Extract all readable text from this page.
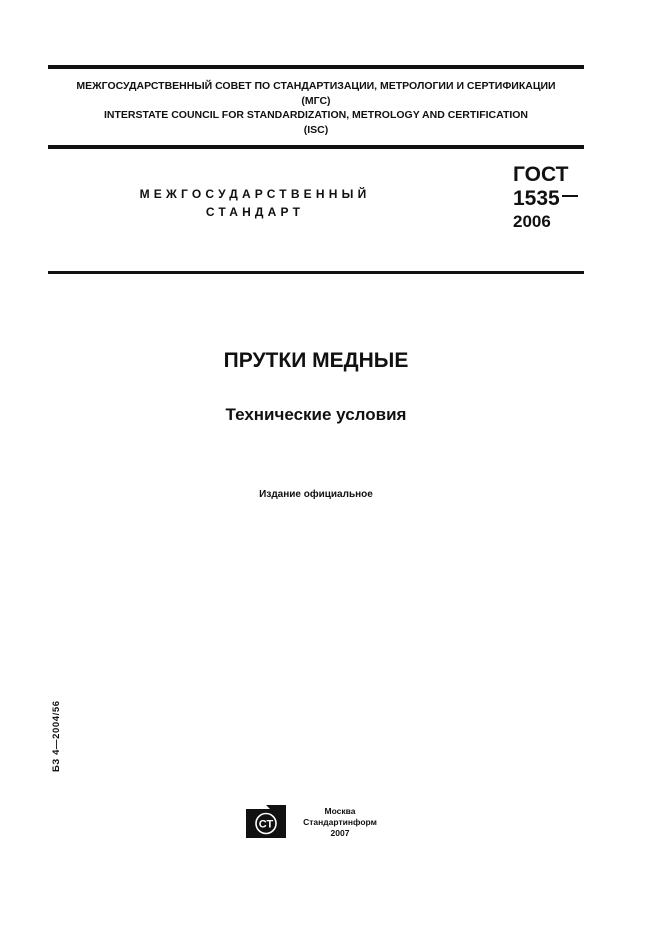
МЕЖГОСУДАРСТВЕННЫЙ СОВЕТ ПО СТАНДАРТИЗАЦИИ, МЕТРОЛОГИИ И СЕРТИФИКАЦИИ
(МГС)
INTERSTATE COUNCIL FOR STANDARDIZATION, METROLOGY AND CERTIFICATION
(ISC)
МЕЖГОСУДАРСТВЕННЫЙ
СТАНДАРТ
ГОСТ
1535
2006
ПРУТКИ МЕДНЫЕ
Технические условия
Издание официальное
БЗ 4—2004/56
СТ
Москва
Стандартинформ
2007
